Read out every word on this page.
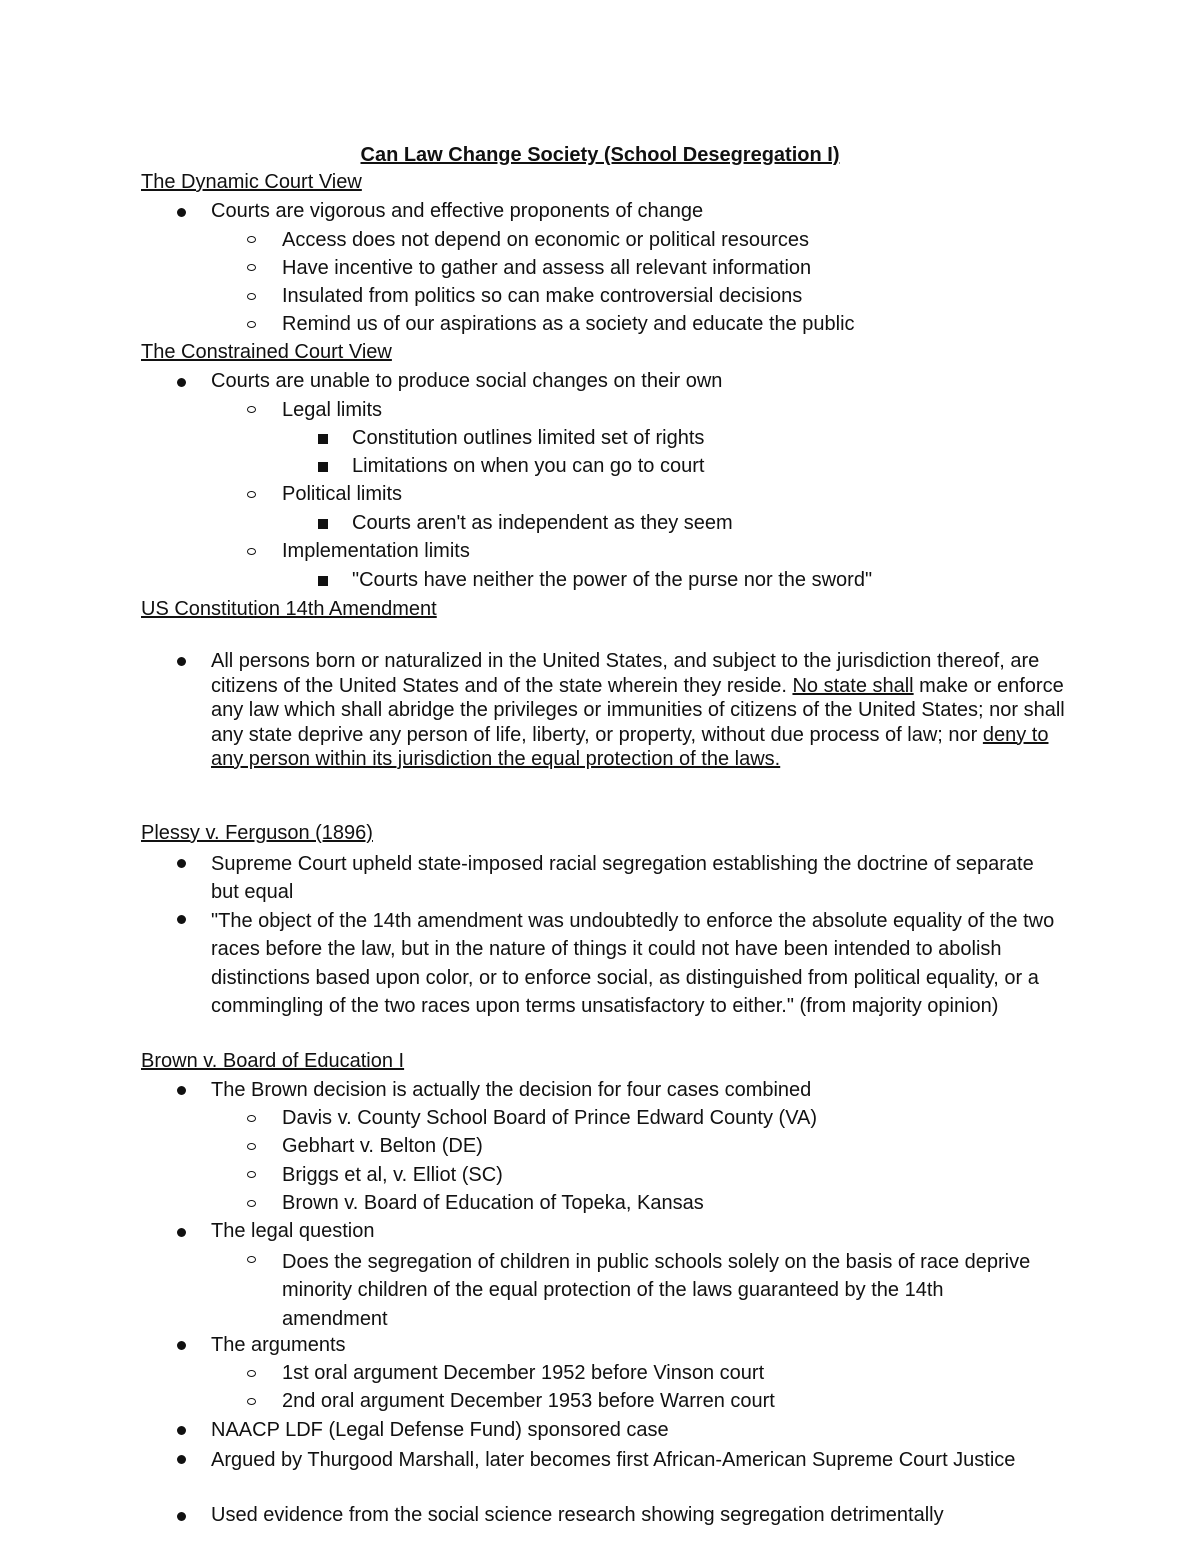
Can Law Change Society (School Desegregation I)
The Dynamic Court View
Courts are vigorous and effective proponents of change
Access does not depend on economic or political resources
Have incentive to gather and assess all relevant information
Insulated from politics so can make controversial decisions
Remind us of our aspirations as a society and educate the public
The Constrained Court View
Courts are unable to produce social changes on their own
Legal limits
Constitution outlines limited set of rights
Limitations on when you can go to court
Political limits
Courts aren't as independent as they seem
Implementation limits
"Courts have neither the power of the purse nor the sword"
US Constitution 14th Amendment
All persons born or naturalized in the United States, and subject to the jurisdiction thereof, are citizens of the United States and of the state wherein they reside. No state shall make or enforce any law which shall abridge the privileges or immunities of citizens of the United States; nor shall any state deprive any person of life, liberty, or property, without due process of law; nor deny to any person within its jurisdiction the equal protection of the laws.
Plessy v. Ferguson (1896)
Supreme Court upheld state-imposed racial segregation establishing the doctrine of separate but equal
"The object of the 14th amendment was undoubtedly to enforce the absolute equality of the two races before the law, but in the nature of things it could not have been intended to abolish distinctions based upon color, or to enforce social, as distinguished from political equality, or a commingling of the two races upon terms unsatisfactory to either." (from majority opinion)
Brown v. Board of Education I
The Brown decision is actually the decision for four cases combined
Davis v. County School Board of Prince Edward County (VA)
Gebhart v. Belton (DE)
Briggs et al, v. Elliot (SC)
Brown v. Board of Education of Topeka, Kansas
The legal question
Does the segregation of children in public schools solely on the basis of race deprive minority children of the equal protection of the laws guaranteed by the 14th amendment
The arguments
1st oral argument December 1952 before Vinson court
2nd oral argument December 1953 before Warren court
NAACP LDF (Legal Defense Fund) sponsored case
Argued by Thurgood Marshall, later becomes first African-American Supreme Court Justice
Used evidence from the social science research showing segregation detrimentally
